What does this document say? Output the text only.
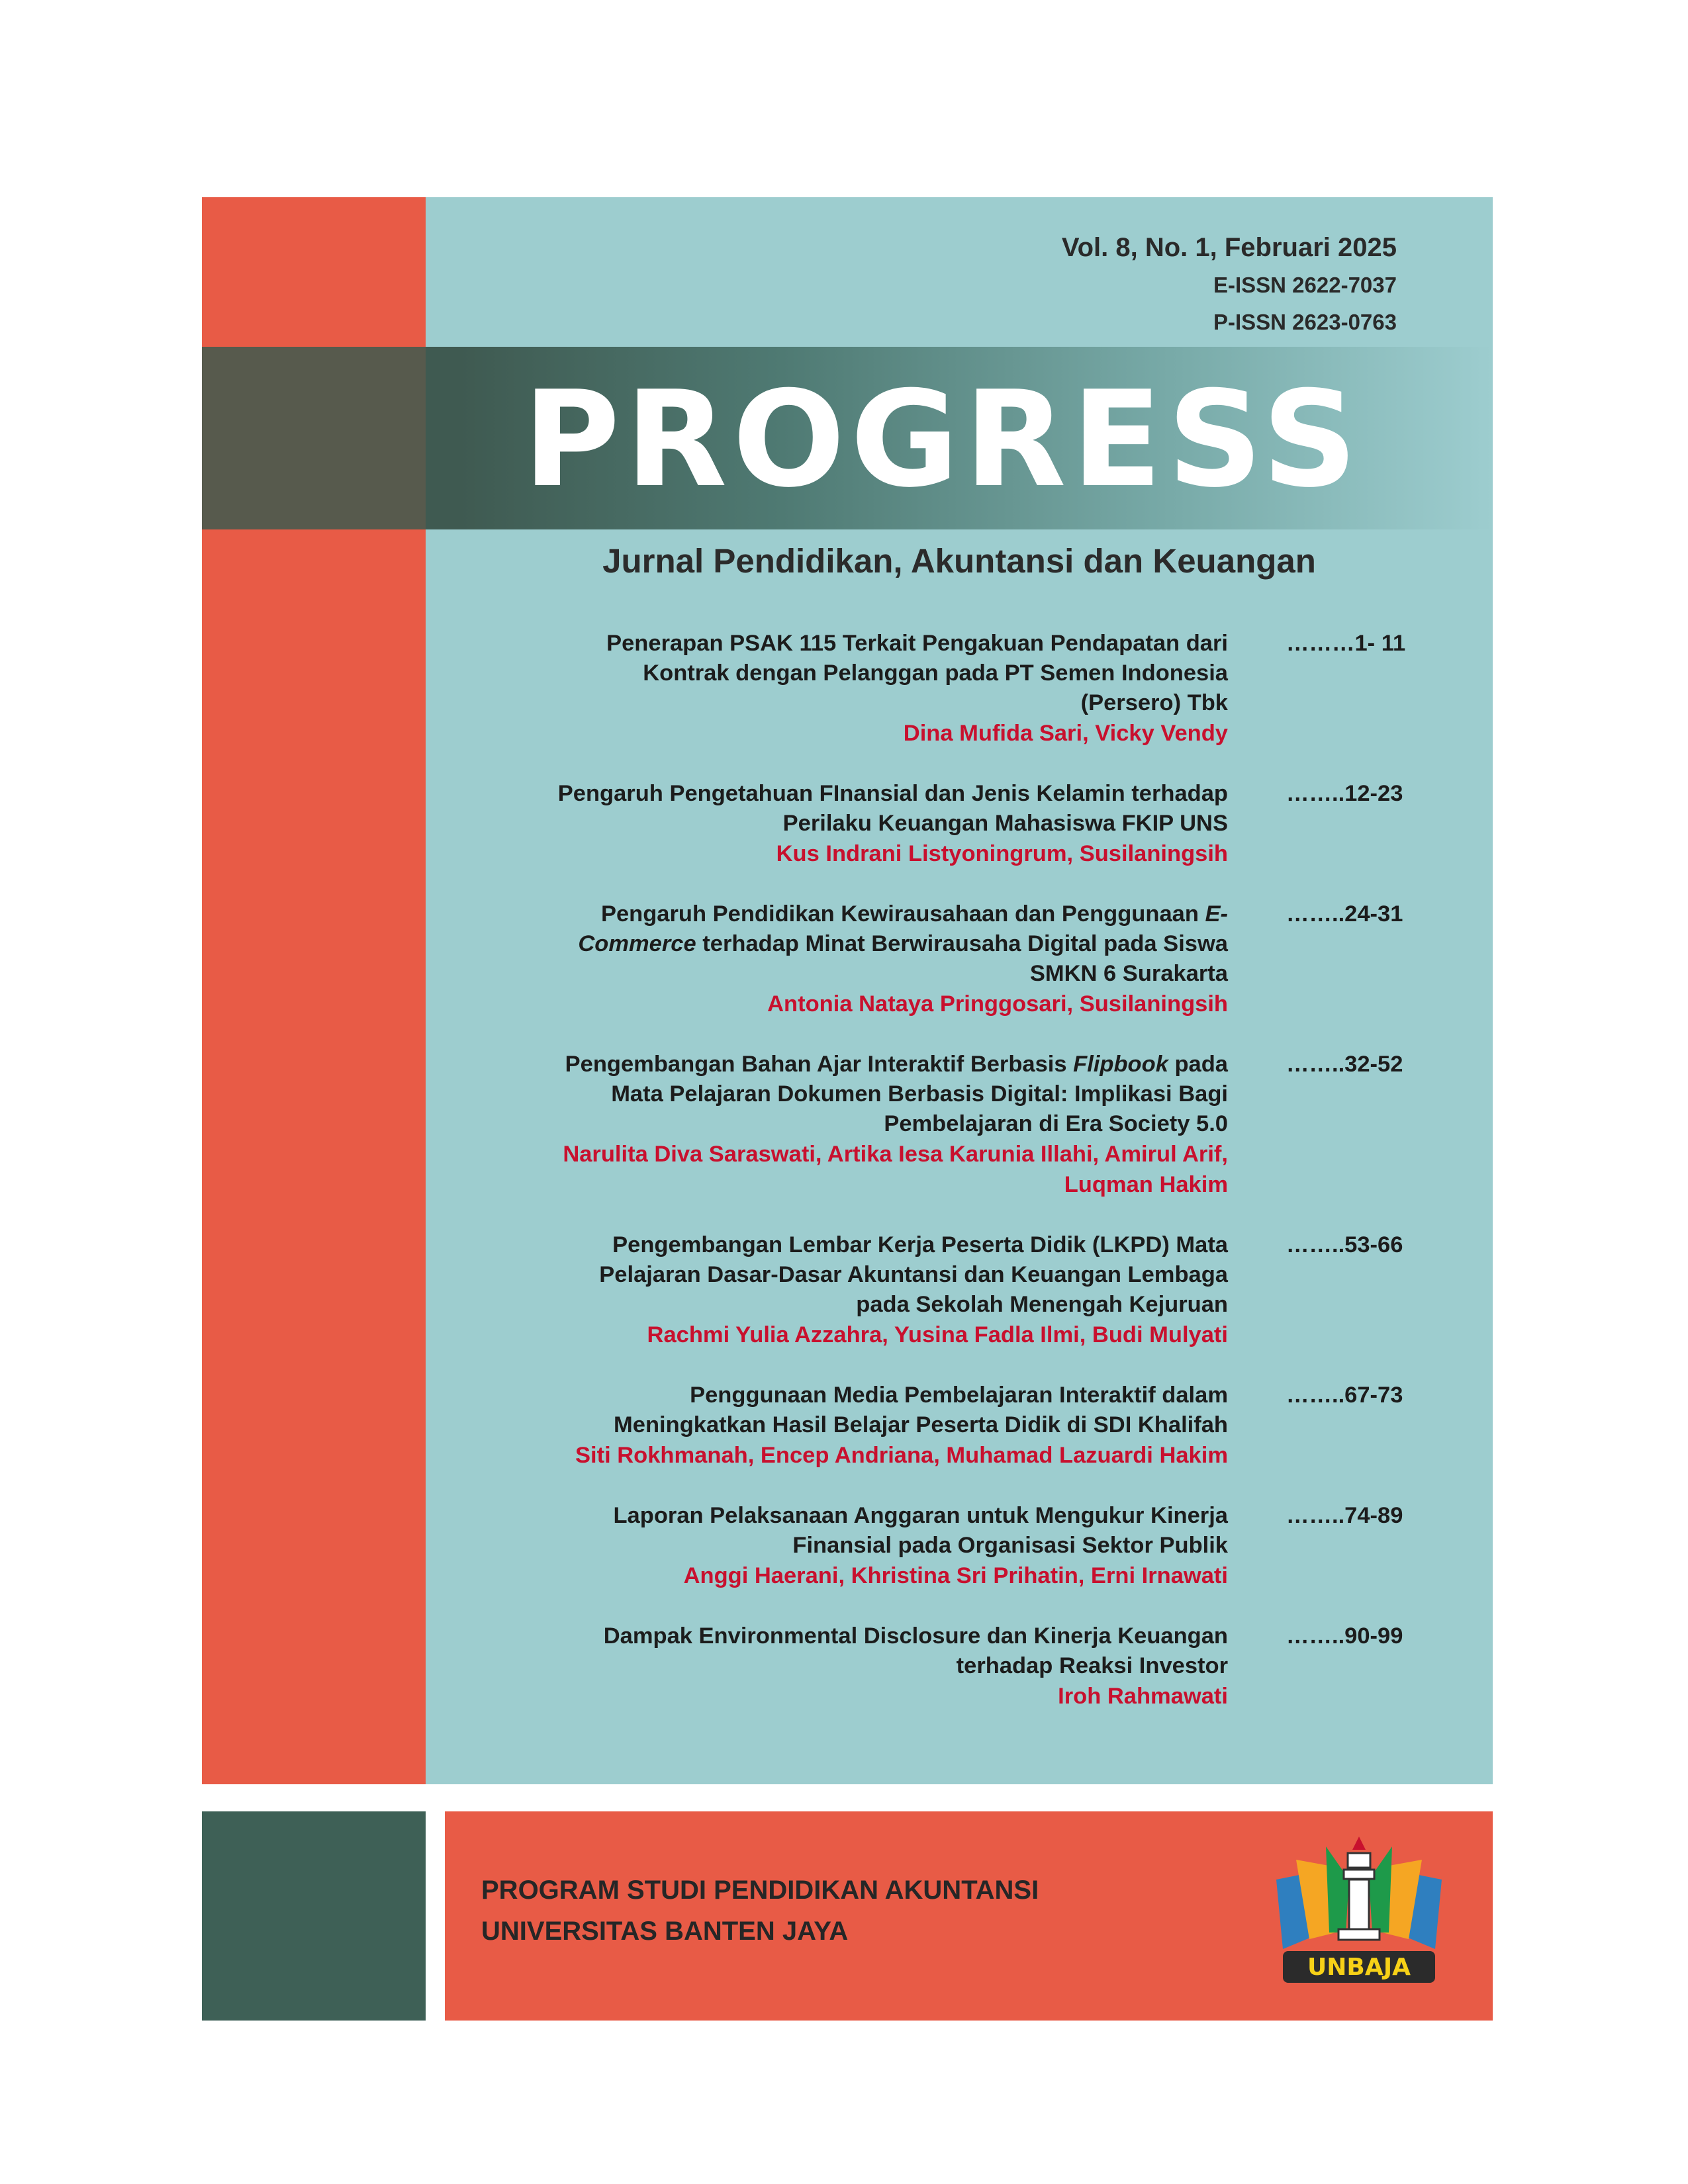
Vol. 8, No. 1, Februari 2025
E-ISSN 2622-7037
P-ISSN 2623-0763
PROGRESS
Jurnal Pendidikan, Akuntansi dan Keuangan
Penerapan PSAK 115 Terkait Pengakuan Pendapatan dari
Kontrak dengan Pelanggan pada PT Semen Indonesia
(Persero) Tbk
Dina Mufida Sari, Vicky Vendy
………1- 11
Pengaruh Pengetahuan FInansial dan Jenis Kelamin terhadap
Perilaku Keuangan Mahasiswa FKIP UNS
Kus Indrani Listyoningrum, Susilaningsih
……..12-23
Pengaruh Pendidikan Kewirausahaan dan Penggunaan E-
Commerce terhadap Minat Berwirausaha Digital pada Siswa
SMKN 6 Surakarta
Antonia Nataya Pringgosari, Susilaningsih
……..24-31
Pengembangan Bahan Ajar Interaktif Berbasis Flipbook pada
Mata Pelajaran Dokumen Berbasis Digital: Implikasi Bagi
Pembelajaran di Era Society 5.0
Narulita Diva Saraswati, Artika Iesa Karunia Illahi, Amirul Arif,
Luqman Hakim
……..32-52
Pengembangan Lembar Kerja Peserta Didik (LKPD) Mata
Pelajaran Dasar-Dasar Akuntansi dan Keuangan Lembaga
pada Sekolah Menengah Kejuruan
Rachmi Yulia Azzahra, Yusina Fadla Ilmi, Budi Mulyati
……..53-66
Penggunaan Media Pembelajaran Interaktif dalam
Meningkatkan Hasil Belajar Peserta Didik di SDI Khalifah
Siti Rokhmanah, Encep Andriana, Muhamad Lazuardi Hakim
……..67-73
Laporan Pelaksanaan Anggaran untuk Mengukur Kinerja
Finansial pada Organisasi Sektor Publik
Anggi Haerani, Khristina Sri Prihatin, Erni Irnawati
……..74-89
Dampak Environmental Disclosure dan Kinerja Keuangan
terhadap Reaksi Investor
Iroh Rahmawati
……..90-99
PROGRAM STUDI PENDIDIKAN AKUNTANSI
UNIVERSITAS BANTEN JAYA
UNBAJA
